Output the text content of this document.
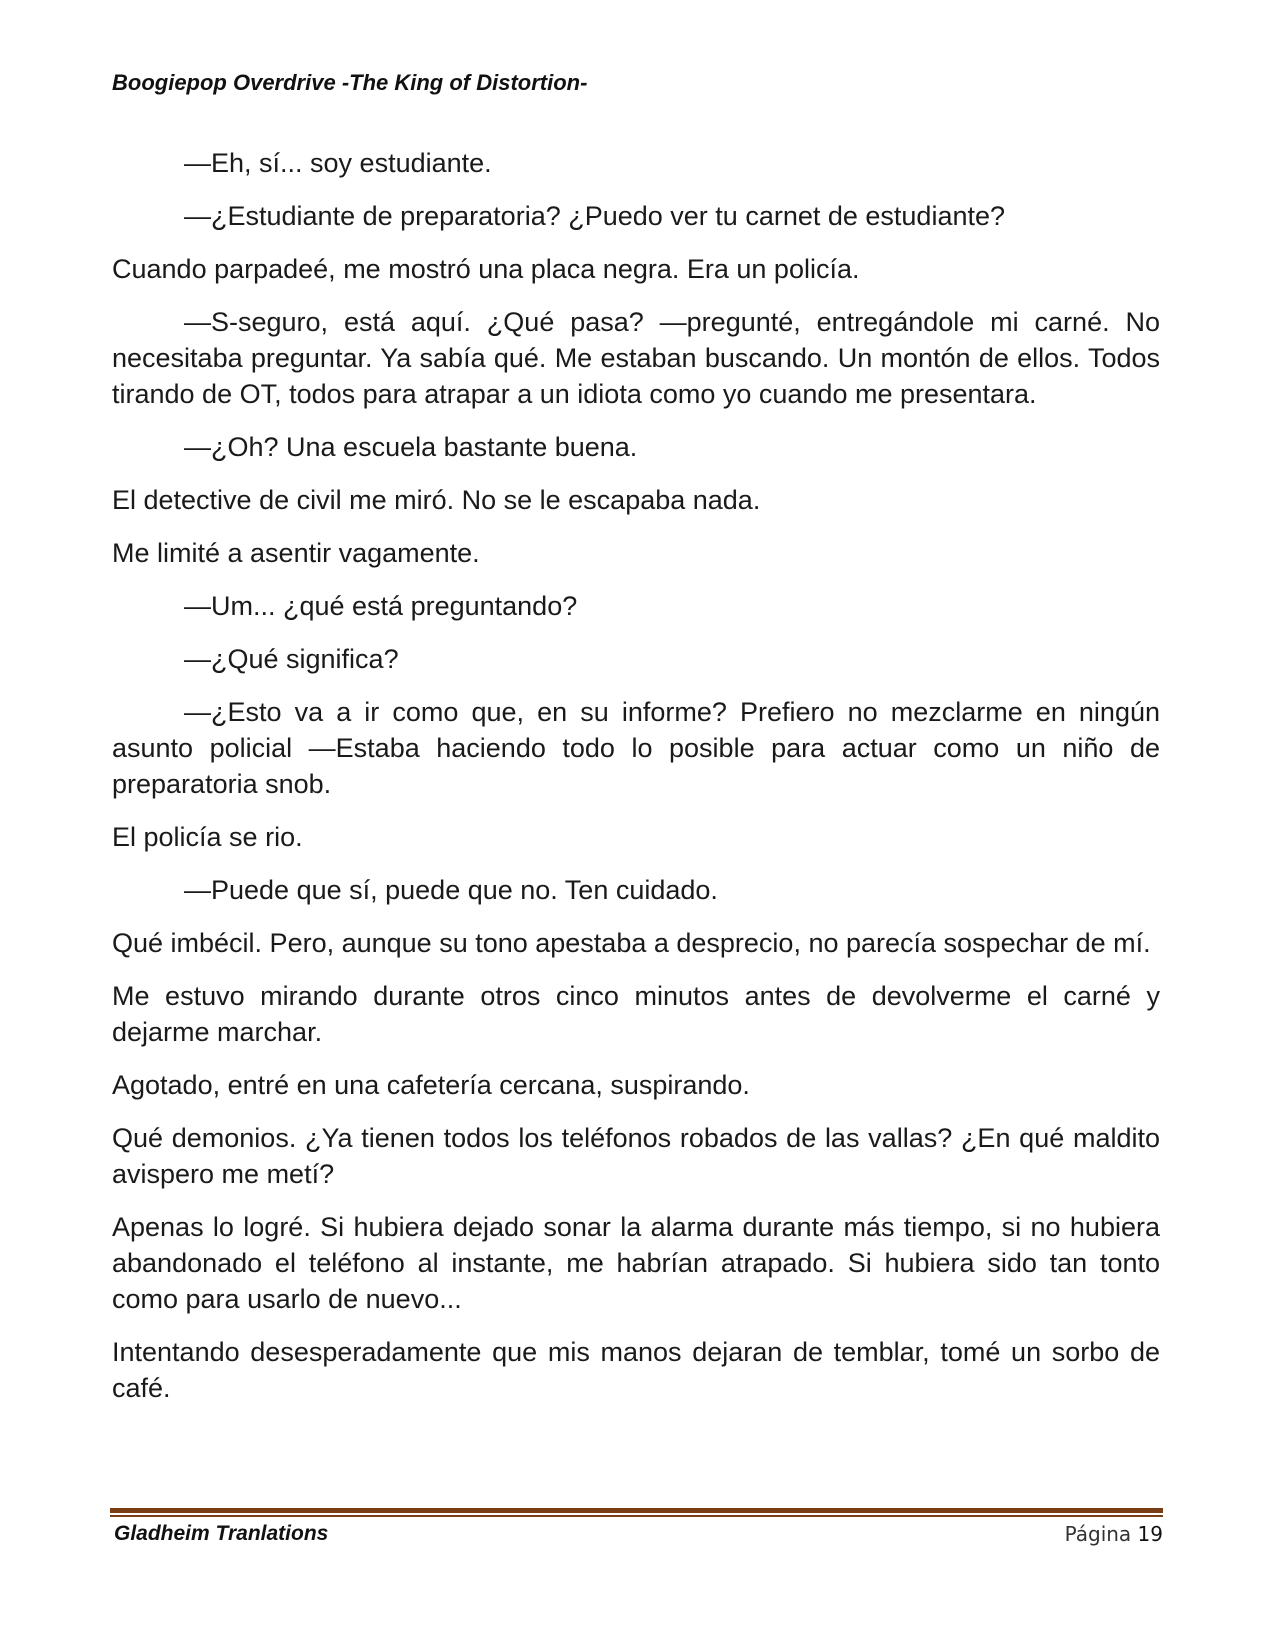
Boogiepop Overdrive -The King of Distortion-

—Eh, sí... soy estudiante.

—¿Estudiante de preparatoria? ¿Puedo ver tu carnet de estudiante?

Cuando parpadeé, me mostró una placa negra. Era un policía.

—S-seguro, está aquí. ¿Qué pasa? —pregunté, entregándole mi carné. No necesitaba preguntar. Ya sabía qué. Me estaban buscando. Un montón de ellos. Todos tirando de OT, todos para atrapar a un idiota como yo cuando me presentara.

—¿Oh? Una escuela bastante buena.

El detective de civil me miró. No se le escapaba nada.

Me limité a asentir vagamente.

—Um... ¿qué está preguntando?

—¿Qué significa?

—¿Esto va a ir como que, en su informe? Prefiero no mezclarme en ningún asunto policial —Estaba haciendo todo lo posible para actuar como un niño de preparatoria snob.

El policía se rio.

—Puede que sí, puede que no. Ten cuidado.

Qué imbécil. Pero, aunque su tono apestaba a desprecio, no parecía sospechar de mí.

Me estuvo mirando durante otros cinco minutos antes de devolverme el carné y dejarme marchar.

Agotado, entré en una cafetería cercana, suspirando.

Qué demonios. ¿Ya tienen todos los teléfonos robados de las vallas? ¿En qué maldito avispero me metí?

Apenas lo logré. Si hubiera dejado sonar la alarma durante más tiempo, si no hubiera abandonado el teléfono al instante, me habrían atrapado. Si hubiera sido tan tonto como para usarlo de nuevo...

Intentando desesperadamente que mis manos dejaran de temblar, tomé un sorbo de café.

Gladheim Tranlations	Página 19
